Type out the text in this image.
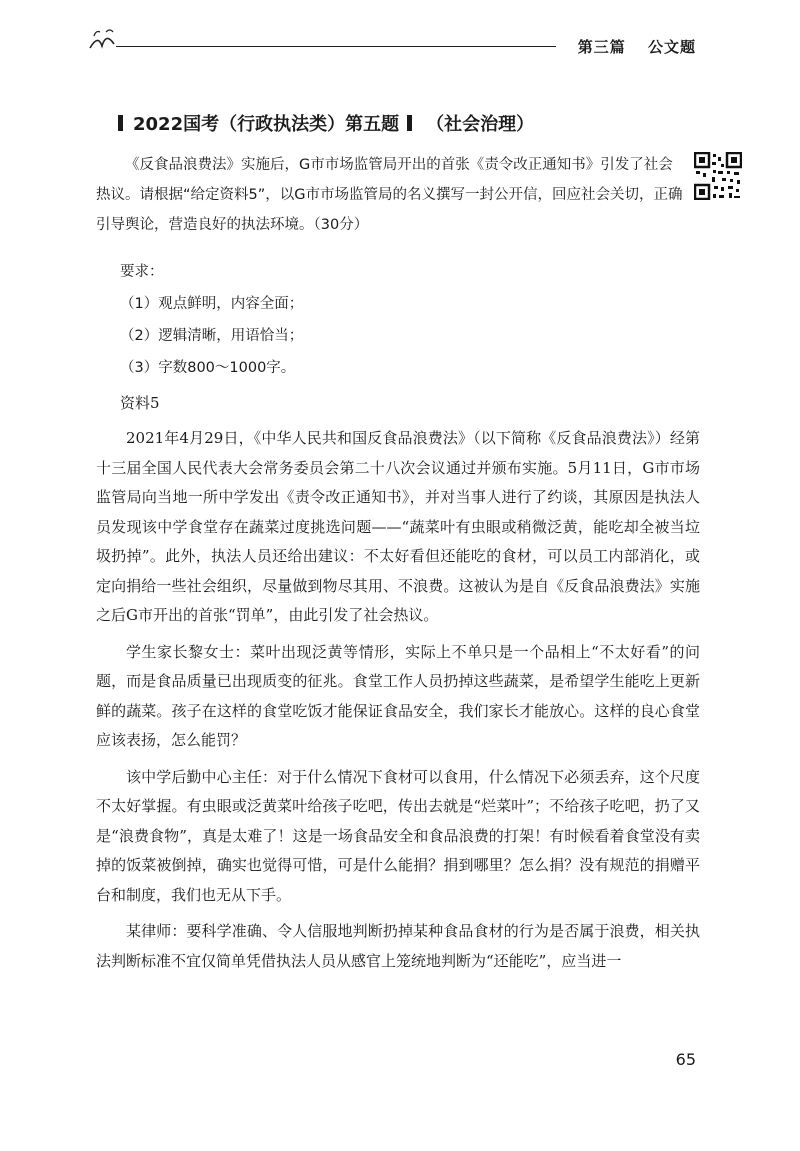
第三篇 公文题
2022国考（行政执法类）第五题 （社会治理）

《反食品浪费法》实施后，G市市场监管局开出的首张《责令改正通知书》引发了社会热议。请根据“给定资料5”，以G市市场监管局的名义撰写一封公开信，回应社会关切，正确引导舆论，营造良好的执法环境。（30分）

要求：
（1）观点鲜明，内容全面；
（2）逻辑清晰，用语恰当；
（3）字数800～1000字。
资料5

2021年4月29日，《中华人民共和国反食品浪费法》（以下简称《反食品浪费法》）经第十三届全国人民代表大会常务委员会第二十八次会议通过并颁布实施。5月11日，G市市场监管局向当地一所中学发出《责令改正通知书》，并对当事人进行了约谈，其原因是执法人员发现该中学食堂存在蔬菜过度挑选问题——“蔬菜叶有虫眼或稍微泛黄，能吃却全被当垃圾扔掉”。此外，执法人员还给出建议：不太好看但还能吃的食材，可以员工内部消化，或定向捐给一些社会组织，尽量做到物尽其用、不浪费。这被认为是自《反食品浪费法》实施之后G市开出的首张“罚单”，由此引发了社会热议。

学生家长黎女士：菜叶出现泛黄等情形，实际上不单只是一个品相上“不太好看”的问题，而是食品质量已出现质变的征兆。食堂工作人员扔掉这些蔬菜，是希望学生能吃上更新鲜的蔬菜。孩子在这样的食堂吃饭才能保证食品安全，我们家长才能放心。这样的良心食堂应该表扬，怎么能罚？

该中学后勤中心主任：对于什么情况下食材可以食用，什么情况下必须丢弃，这个尺度不太好掌握。有虫眼或泛黄菜叶给孩子吃吧，传出去就是“烂菜叶”；不给孩子吃吧，扔了又是“浪费食物”，真是太难了！这是一场食品安全和食品浪费的打架！有时候看着食堂没有卖掉的饭菜被倒掉，确实也觉得可惜，可是什么能捐？捐到哪里？怎么捐？没有规范的捐赠平台和制度，我们也无从下手。

某律师：要科学准确、令人信服地判断扔掉某种食品食材的行为是否属于浪费，相关执法判断标准不宜仅简单凭借执法人员从感官上笼统地判断为“还能吃”，应当进一

65
